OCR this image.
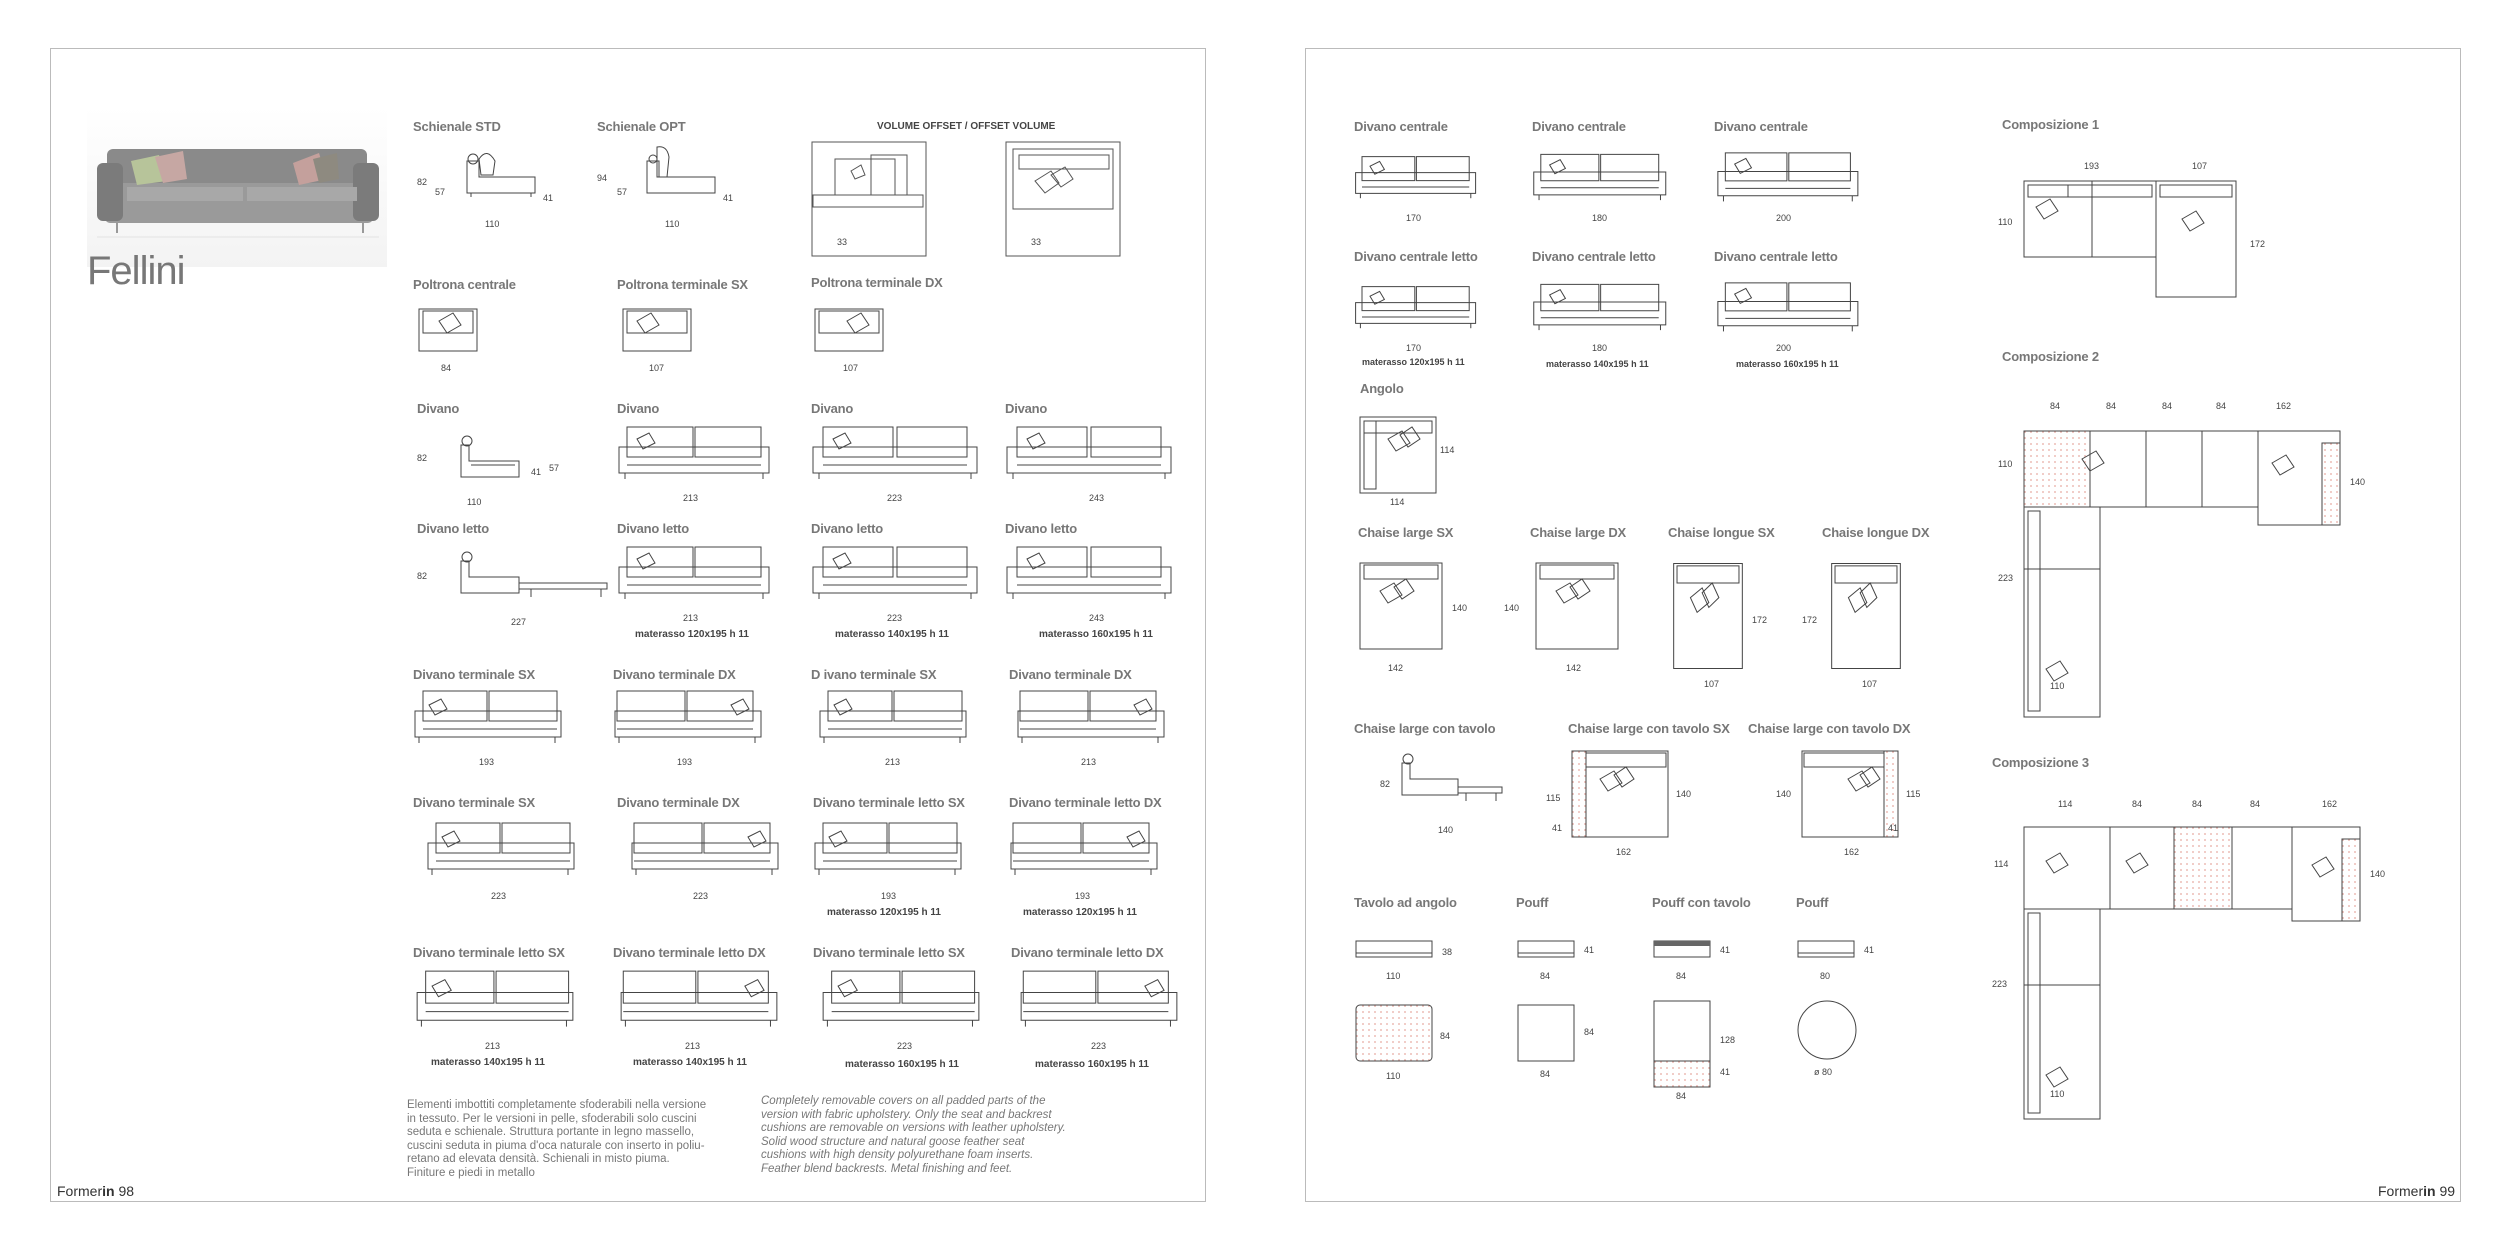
Fellini
Schienale STD	Schienale OPT
82
57
41
110
94
57
41
110
VOLUME OFFSET / OFFSET VOLUME
33	33
Poltrona centrale	Poltrona terminale SX	Poltrona terminale DX
84	107	107
Divano	Divano	Divano	Divano
82
41 57
110	213	223	243
Divano letto	Divano letto	Divano letto	Divano letto
82
227	213
materasso 120x195 h 11
223
materasso 140x195 h 11
243
materasso 160x195 h 11
Divano terminale SX	Divano terminale DX	D ivano terminale SX	Divano terminale DX
193	193	213	213
Divano terminale SX	Divano terminale DX	Divano terminale letto SX	Divano terminale letto DX
223	223	193
materasso 120x195 h 11
193
materasso 120x195 h 11
Divano terminale letto SX	Divano terminale letto DX	Divano terminale letto SX	Divano terminale letto DX
213
materasso 140x195 h 11
213
materasso 140x195 h 11
223
materasso 160x195 h 11
223
materasso 160x195 h 11
Elementi imbottiti completamente sfoderabili nella versione
in tessuto. Per le versioni in pelle, sfoderabili solo cuscini
seduta e schienale. Struttura portante in legno massello,
cuscini seduta in piuma d'oca naturale con inserto in poliu-
retano ad elevata densità. Schienali in misto piuma.
Finiture e piedi in metallo
Completely removable covers on all padded parts of the
version with fabric upholstery. Only the seat and backrest
cushions are removable on versions with leather upholstery.
Solid wood structure and natural goose feather seat
cushions with high density polyurethane foam inserts.
Feather blend backrests. Metal finishing and feet.
Formerin 98
Divano centrale	Divano centrale	Divano centrale
170	180	200
Divano centrale letto	Divano centrale letto	Divano centrale letto
170
materasso 120x195 h 11
180
materasso 140x195 h 11
200
materasso 160x195 h 11
Angolo
114
114
Chaise large SX	Chaise large DX	Chaise longue SX	Chaise longue DX
140
142
140
142
172
107
172
107
Chaise large con tavolo	Chaise large con tavolo SX Chaise large con tavolo DX
82
140
140
115
41
162
140	115
41
162
Tavolo ad angolo	Pouff	Pouff con tavolo	Pouff
38
110
84
110
41
84
84
84
41
84
128
41
84
41
80
ø 80
Composizione 1
193	107
110
172
Composizione 2
84	84	84	84	162
110
140
223
110
Composizione 3
114	84	84	84	162
114
140
223
110
Formerin 99
